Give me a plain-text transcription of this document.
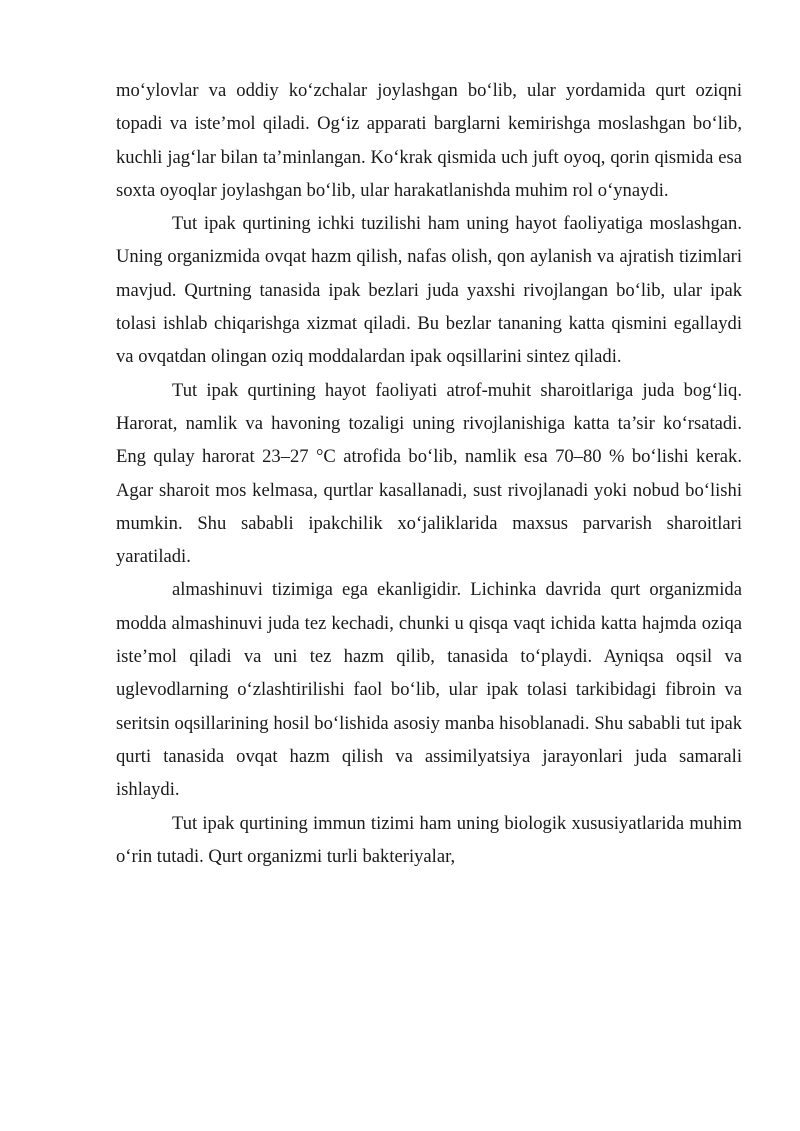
mo‘ylovlar va oddiy ko‘zchalar joylashgan bo‘lib, ular yordamida qurt oziqni topadi va iste’mol qiladi. Og‘iz apparati barglarni kemirishga moslashgan bo‘lib, kuchli jag‘lar bilan ta’minlangan. Ko‘krak qismida uch juft oyoq, qorin qismida esa soxta oyoqlar joylashgan bo‘lib, ular harakatlanishda muhim rol o‘ynaydi.

Tut ipak qurtining ichki tuzilishi ham uning hayot faoliyatiga moslashgan. Uning organizmida ovqat hazm qilish, nafas olish, qon aylanish va ajratish tizimlari mavjud. Qurtning tanasida ipak bezlari juda yaxshi rivojlangan bo‘lib, ular ipak tolasi ishlab chiqarishga xizmat qiladi. Bu bezlar tananing katta qismini egallaydi va ovqatdan olingan oziq moddalardan ipak oqsillarini sintez qiladi.

Tut ipak qurtining hayot faoliyati atrof-muhit sharoitlariga juda bog‘liq. Harorat, namlik va havoning tozaligi uning rivojlanishiga katta ta’sir ko‘rsatadi. Eng qulay harorat 23–27 °C atrofida bo‘lib, namlik esa 70–80 % bo‘lishi kerak. Agar sharoit mos kelmasa, qurtlar kasallanadi, sust rivojlanadi yoki nobud bo‘lishi mumkin. Shu sababli ipakchilik xo‘jaliklarida maxsus parvarish sharoitlari yaratiladi.

almashinuvi tizimiga ega ekanligidir. Lichinka davrida qurt organizmida modda almashinuvi juda tez kechadi, chunki u qisqa vaqt ichida katta hajmda oziqa iste’mol qiladi va uni tez hazm qilib, tanasida to‘playdi. Ayniqsa oqsil va uglevodlarning o‘zlashtirilishi faol bo‘lib, ular ipak tolasi tarkibidagi fibroin va seritsin oqsillarining hosil bo‘lishida asosiy manba hisoblanadi. Shu sababli tut ipak qurti tanasida ovqat hazm qilish va assimilyatsiya jarayonlari juda samarali ishlaydi.

Tut ipak qurtining immun tizimi ham uning biologik xususiyatlarida muhim o‘rin tutadi. Qurt organizmi turli bakteriyalar,
